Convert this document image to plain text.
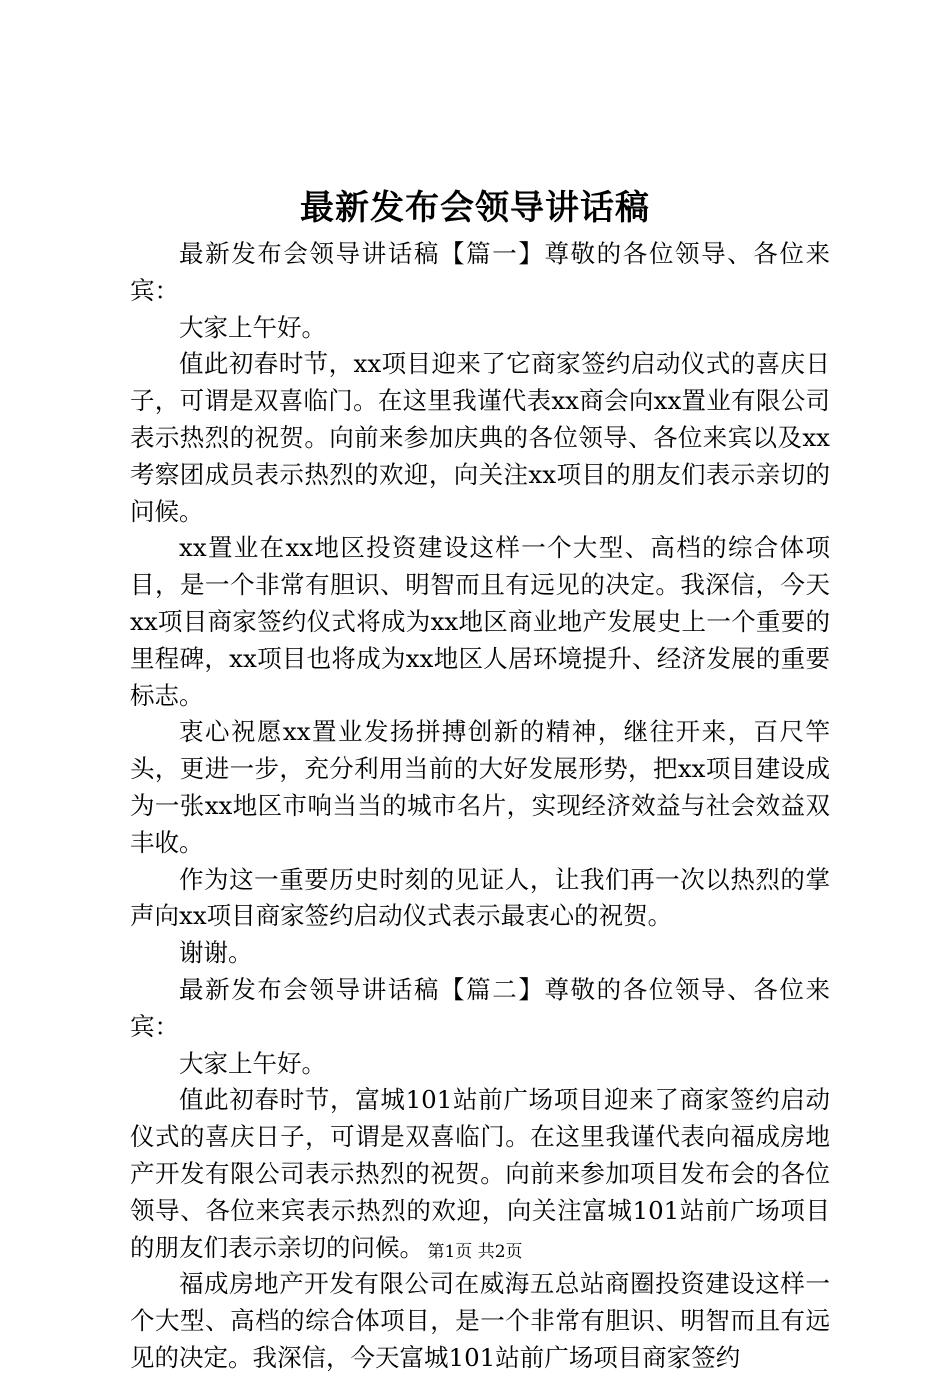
最新发布会领导讲话稿

最新发布会领导讲话稿【篇一】尊敬的各位领导、各位来宾：

大家上午好。

值此初春时节，xx项目迎来了它商家签约启动仪式的喜庆日子，可谓是双喜临门。在这里我谨代表xx商会向xx置业有限公司表示热烈的祝贺。向前来参加庆典的各位领导、各位来宾以及xx考察团成员表示热烈的欢迎，向关注xx项目的朋友们表示亲切的问候。

xx置业在xx地区投资建设这样一个大型、高档的综合体项目，是一个非常有胆识、明智而且有远见的决定。我深信，今天xx项目商家签约仪式将成为xx地区商业地产发展史上一个重要的里程碑，xx项目也将成为xx地区人居环境提升、经济发展的重要标志。

衷心祝愿xx置业发扬拼搏创新的精神，继往开来，百尺竿头，更进一步，充分利用当前的大好发展形势，把xx项目建设成为一张xx地区市响当当的城市名片，实现经济效益与社会效益双丰收。

作为这一重要历史时刻的见证人，让我们再一次以热烈的掌声向xx项目商家签约启动仪式表示最衷心的祝贺。

谢谢。

最新发布会领导讲话稿【篇二】尊敬的各位领导、各位来宾：

大家上午好。

值此初春时节，富城101站前广场项目迎来了商家签约启动仪式的喜庆日子，可谓是双喜临门。在这里我谨代表向福成房地产开发有限公司表示热烈的祝贺。向前来参加项目发布会的各位领导、各位来宾表示热烈的欢迎，向关注富城101站前广场项目的朋友们表示亲切的问候。

福成房地产开发有限公司在威海五总站商圈投资建设这样一个大型、高档的综合体项目，是一个非常有胆识、明智而且有远见的决定。我深信，今天富城101站前广场项目商家签约

第1页 共2页
